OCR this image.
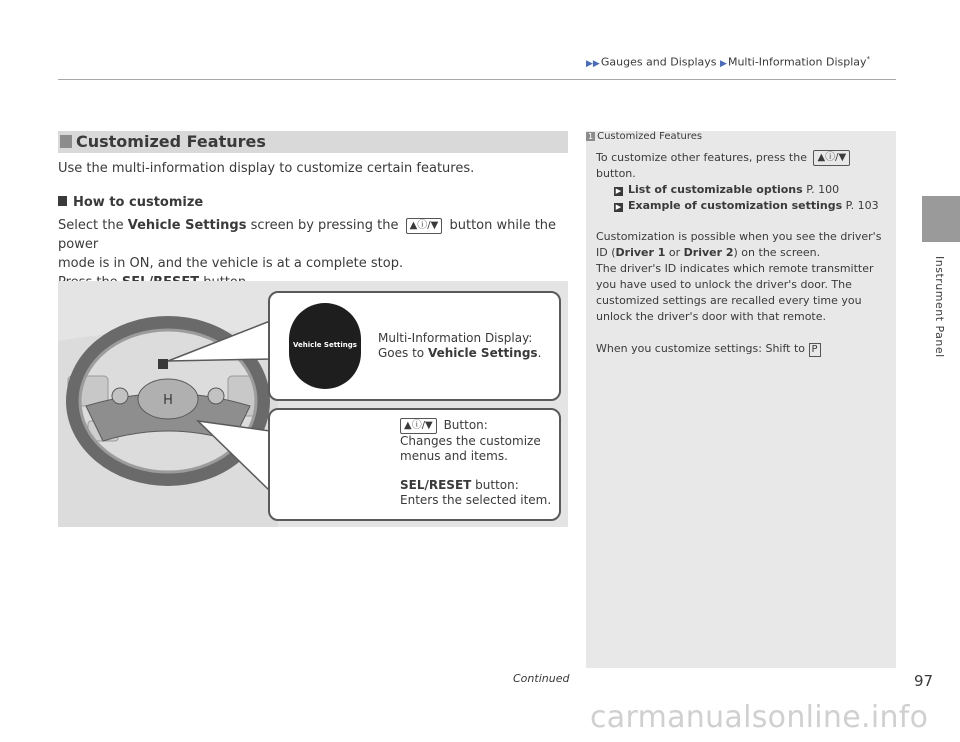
▶▶Gauges and Displays ▶Multi-Information Display*
Instrument Panel
Customized Features
Use the multi-information display to customize certain features.
How to customize
Select the Vehicle Settings screen by pressing the ▲ⓘ/▼ button while the power
mode is in ON, and the vehicle is at a complete stop.
H
Vehicle Settings	Multi-Information Display:
Goes to Vehicle Settings.
▲ⓘ/▼ Button:
Changes the customize
menus and items.
SEL/RESET button:
Enters the selected item.
1 Customized Features
To customize other features, press the ▲ⓘ/▼
button.
▶ List of customizable options P. 100
▶ Example of customization settings P. 103
Customization is possible when you see the driver's
ID (Driver 1 or Driver 2) on the screen.
The driver's ID indicates which remote transmitter
you have used to unlock the driver's door. The
customized settings are recalled every time you
unlock the driver's door with that remote.
When you customize settings: Shift to P
Continued	97
carmanualsonline.info
